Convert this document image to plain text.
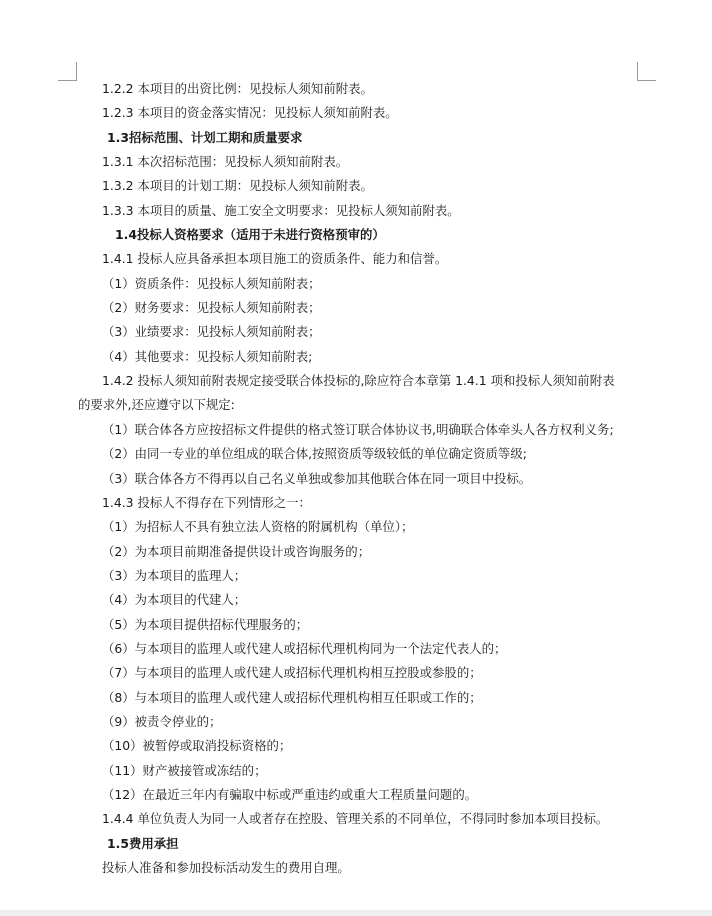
1.2.2 本项目的出资比例：见投标人须知前附表。

1.2.3 本项目的资金落实情况：见投标人须知前附表。

1.3招标范围、计划工期和质量要求

1.3.1 本次招标范围：见投标人须知前附表。

1.3.2 本项目的计划工期：见投标人须知前附表。

1.3.3 本项目的质量、施工安全文明要求：见投标人须知前附表。

1.4投标人资格要求（适用于未进行资格预审的）

1.4.1 投标人应具备承担本项目施工的资质条件、能力和信誉。

（1）资质条件：见投标人须知前附表；

（2）财务要求：见投标人须知前附表；

（3）业绩要求：见投标人须知前附表；

（4）其他要求：见投标人须知前附表;

1.4.2 投标人须知前附表规定接受联合体投标的,除应符合本章第 1.4.1 项和投标人须知前附表

的要求外,还应遵守以下规定:

（1）联合体各方应按招标文件提供的格式签订联合体协议书,明确联合体牵头人各方权利义务;

（2）由同一专业的单位组成的联合体,按照资质等级较低的单位确定资质等级;

（3）联合体各方不得再以自己名义单独或参加其他联合体在同一项目中投标。

1.4.3 投标人不得存在下列情形之一：

（1）为招标人不具有独立法人资格的附属机构（单位）；

（2）为本项目前期准备提供设计或咨询服务的；

（3）为本项目的监理人；

（4）为本项目的代建人；

（5）为本项目提供招标代理服务的；

（6）与本项目的监理人或代建人或招标代理机构同为一个法定代表人的；

（7）与本项目的监理人或代建人或招标代理机构相互控股或参股的；

（8）与本项目的监理人或代建人或招标代理机构相互任职或工作的；

（9）被责令停业的；

（10）被暂停或取消投标资格的；

（11）财产被接管或冻结的；

（12）在最近三年内有骗取中标或严重违约或重大工程质量问题的。

1.4.4 单位负责人为同一人或者存在控股、管理关系的不同单位，不得同时参加本项目投标。

1.5费用承担

投标人准备和参加投标活动发生的费用自理。
